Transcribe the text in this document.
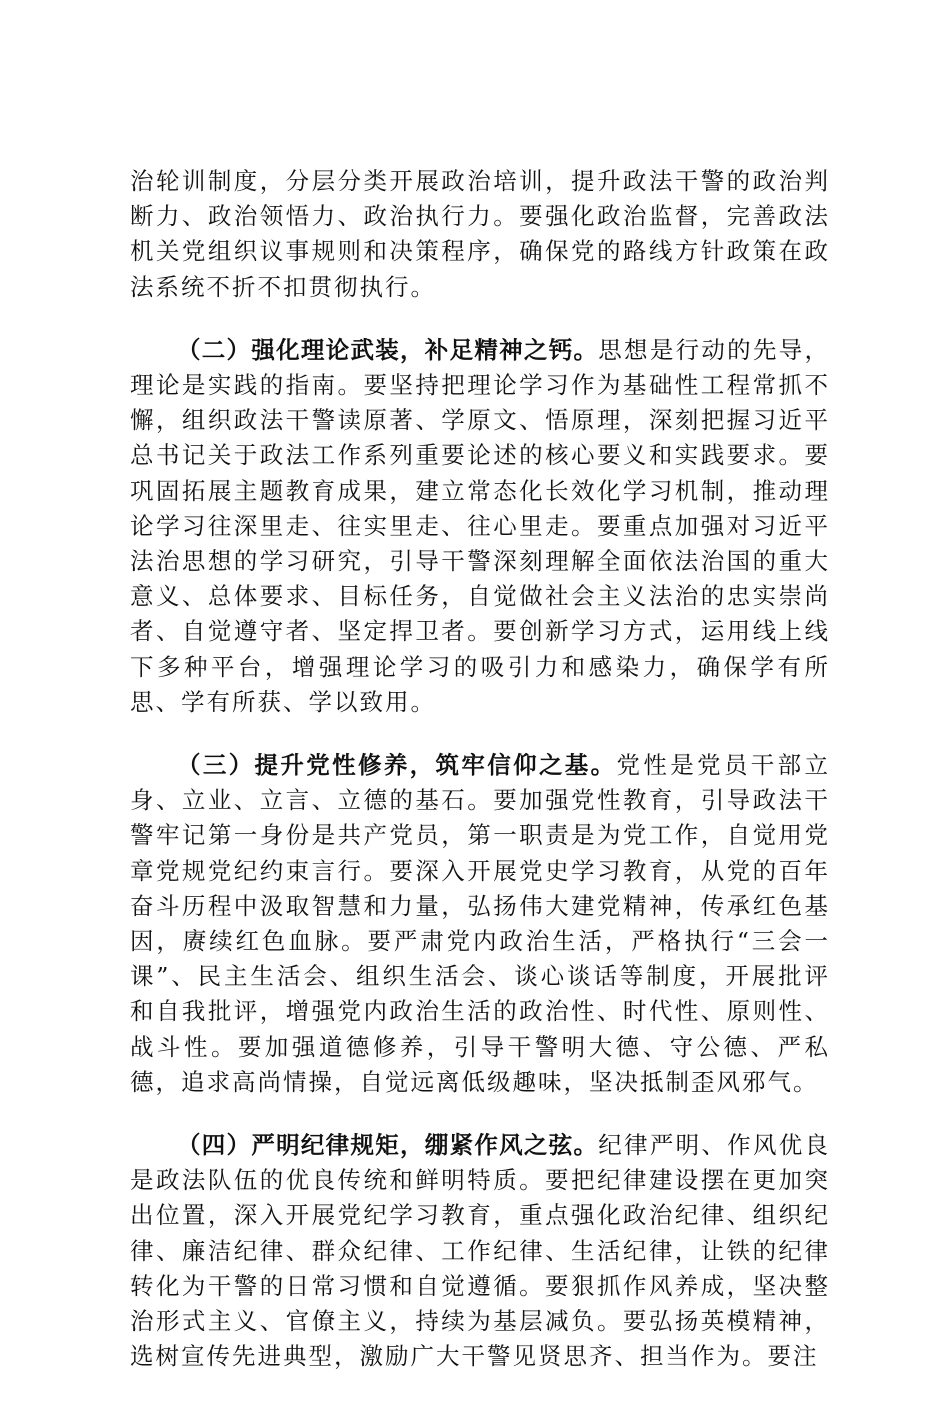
治轮训制度，分层分类开展政治培训，提升政法干警的政治判断力、政治领悟力、政治执行力。要强化政治监督，完善政法机关党组织议事规则和决策程序，确保党的路线方针政策在政法系统不折不扣贯彻执行。

（二）强化理论武装，补足精神之钙。思想是行动的先导，理论是实践的指南。要坚持把理论学习作为基础性工程常抓不懈，组织政法干警读原著、学原文、悟原理，深刻把握习近平总书记关于政法工作系列重要论述的核心要义和实践要求。要巩固拓展主题教育成果，建立常态化长效化学习机制，推动理论学习往深里走、往实里走、往心里走。要重点加强对习近平法治思想的学习研究，引导干警深刻理解全面依法治国的重大意义、总体要求、目标任务，自觉做社会主义法治的忠实崇尚者、自觉遵守者、坚定捍卫者。要创新学习方式，运用线上线下多种平台，增强理论学习的吸引力和感染力，确保学有所思、学有所获、学以致用。

（三）提升党性修养，筑牢信仰之基。党性是党员干部立身、立业、立言、立德的基石。要加强党性教育，引导政法干警牢记第一身份是共产党员，第一职责是为党工作，自觉用党章党规党纪约束言行。要深入开展党史学习教育，从党的百年奋斗历程中汲取智慧和力量，弘扬伟大建党精神，传承红色基因，赓续红色血脉。要严肃党内政治生活，严格执行“三会一课”、民主生活会、组织生活会、谈心谈话等制度，开展批评和自我批评，增强党内政治生活的政治性、时代性、原则性、战斗性。要加强道德修养，引导干警明大德、守公德、严私德，追求高尚情操，自觉远离低级趣味，坚决抵制歪风邪气。

（四）严明纪律规矩，绷紧作风之弦。纪律严明、作风优良是政法队伍的优良传统和鲜明特质。要把纪律建设摆在更加突出位置，深入开展党纪学习教育，重点强化政治纪律、组织纪律、廉洁纪律、群众纪律、工作纪律、生活纪律，让铁的纪律转化为干警的日常习惯和自觉遵循。要狠抓作风养成，坚决整治形式主义、官僚主义，持续为基层减负。要弘扬英模精神，选树宣传先进典型，激励广大干警见贤思齐、担当作为。要注
